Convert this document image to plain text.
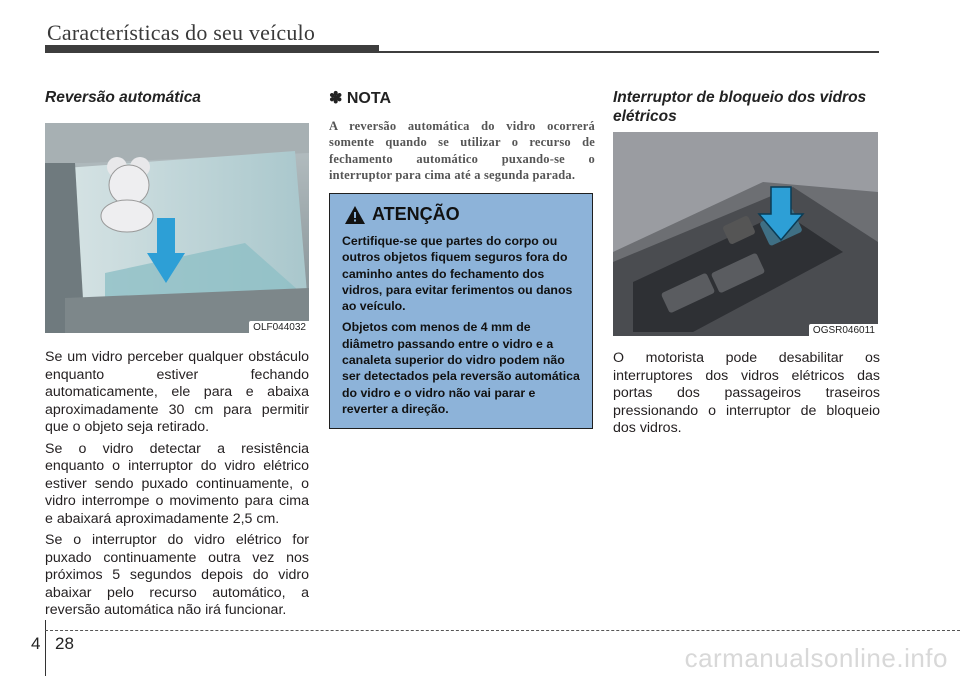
Características do seu veículo
Reversão automática
OLF044032

Se um vidro perceber qualquer obstáculo enquanto estiver fechando automaticamente, ele para e abaixa aproximadamente 30 cm para permitir que o objeto seja retirado.

Se o vidro detectar a resistência enquanto o interruptor do vidro elétrico estiver sendo puxado continuamente, o vidro interrompe o movimento para cima e abaixará aproximadamente 2,5 cm.

Se o interruptor do vidro elétrico for puxado continuamente outra vez nos próximos 5 segundos depois do vidro abaixar pelo recurso automático, a reversão automática não irá funcionar.

✽ NOTA

A reversão automática do vidro ocorrerá somente quando se utilizar o recurso de fechamento automático puxando-se o interruptor para cima até a segunda parada.

ATENÇÃO

Certifique-se que partes do corpo ou outros objetos fiquem seguros fora do caminho antes do fechamento dos vidros, para evitar ferimentos ou danos ao veículo.

Objetos com menos de 4 mm de diâmetro passando entre o vidro e a canaleta superior do vidro podem não ser detectados pela reversão automática do vidro e o vidro não vai parar e reverter a direção.

Interruptor de bloqueio dos vidros elétricos
OGSR046011

O motorista pode desabilitar os interruptores dos vidros elétricos das portas dos passageiros traseiros pressionando o interruptor de bloqueio dos vidros.

4 28	carmanualsonline.info
